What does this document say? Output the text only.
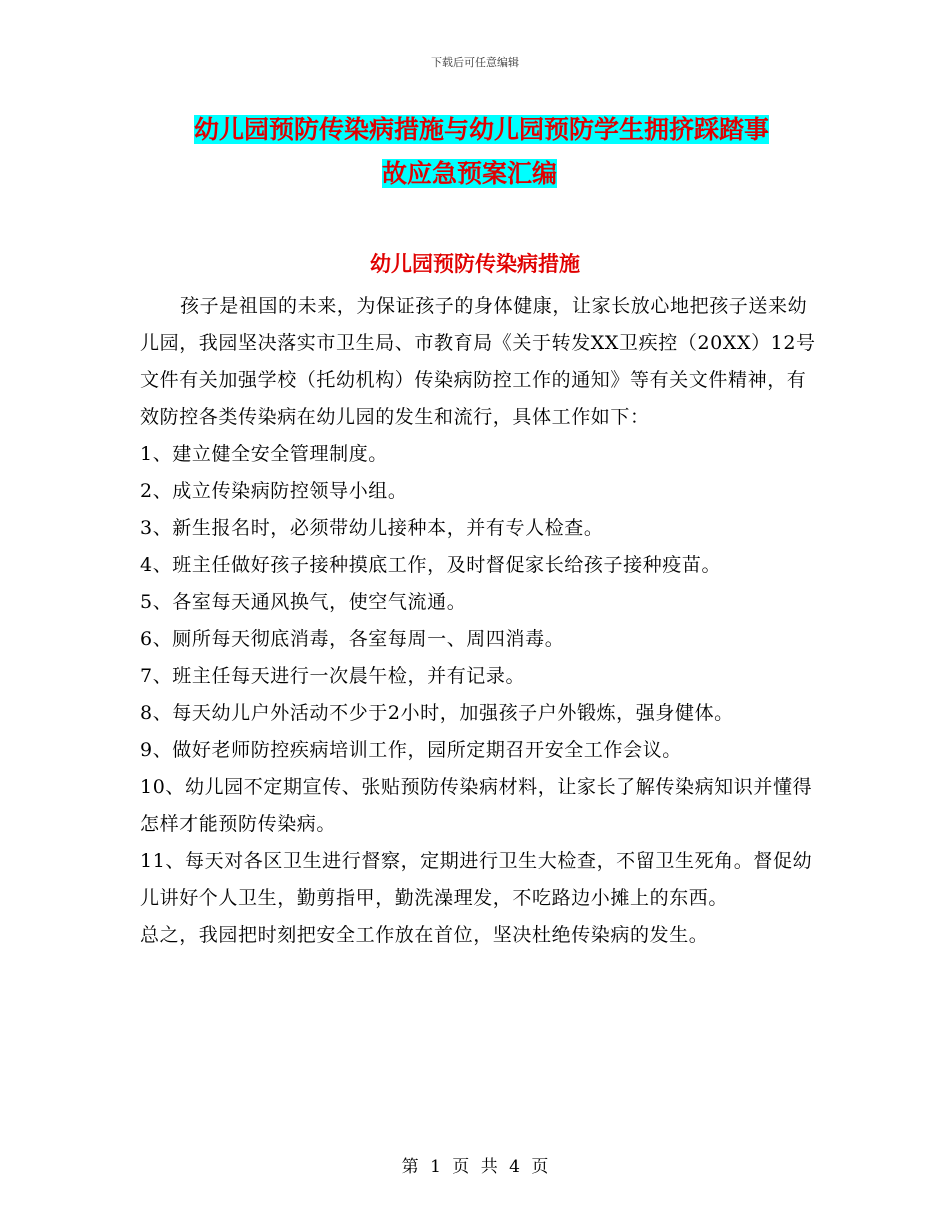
下载后可任意编辑
幼儿园预防传染病措施与幼儿园预防学生拥挤踩踏事
故应急预案汇编
幼儿园预防传染病措施

孩子是祖国的未来，为保证孩子的身体健康，让家长放心地把孩子送来幼儿园，我园坚决落实市卫生局、市教育局《关于转发XX卫疾控（20XX）12号文件有关加强学校（托幼机构）传染病防控工作的通知》等有关文件精神，有效防控各类传染病在幼儿园的发生和流行，具体工作如下：

1、建立健全安全管理制度。

2、成立传染病防控领导小组。

3、新生报名时，必须带幼儿接种本，并有专人检查。

4、班主任做好孩子接种摸底工作，及时督促家长给孩子接种疫苗。

5、各室每天通风换气，使空气流通。

6、厕所每天彻底消毒，各室每周一、周四消毒。

7、班主任每天进行一次晨午检，并有记录。

8、每天幼儿户外活动不少于2小时，加强孩子户外锻炼，强身健体。

9、做好老师防控疾病培训工作，园所定期召开安全工作会议。

10、幼儿园不定期宣传、张贴预防传染病材料，让家长了解传染病知识并懂得怎样才能预防传染病。

11、每天对各区卫生进行督察，定期进行卫生大检查，不留卫生死角。督促幼儿讲好个人卫生，勤剪指甲，勤洗澡理发，不吃路边小摊上的东西。

总之，我园把时刻把安全工作放在首位，坚决杜绝传染病的发生。

第 1 页 共 4 页
